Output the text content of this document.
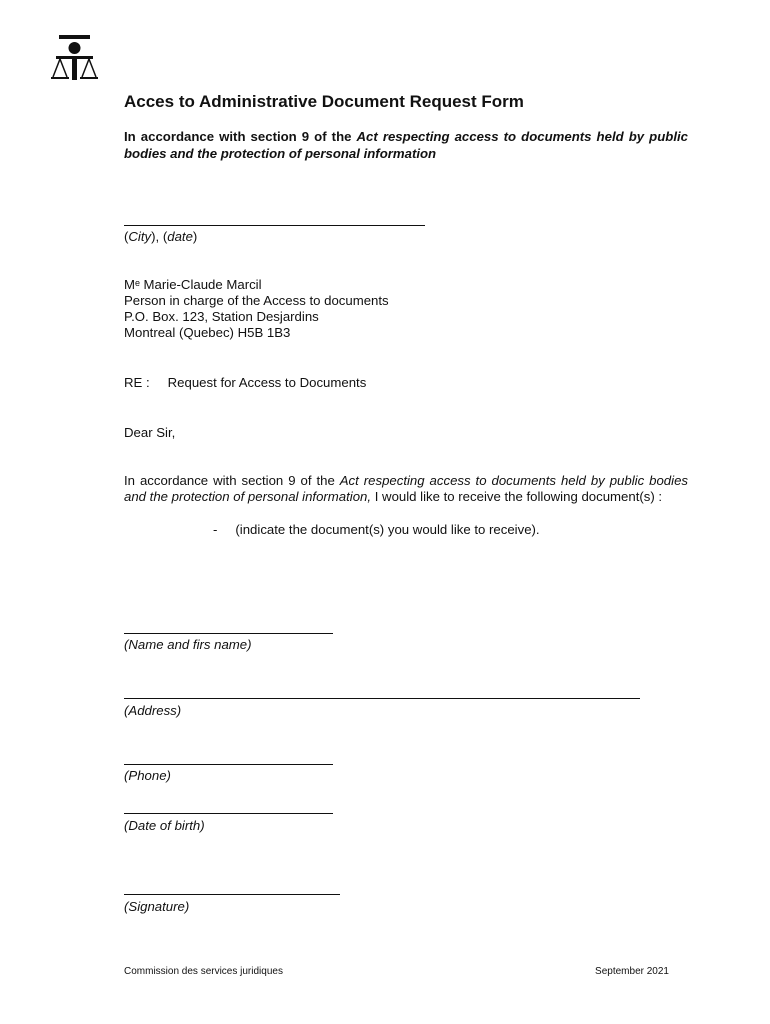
Acces to Administrative Document Request Form

In accordance with section 9 of the Act respecting access to documents held by public bodies and the protection of personal information

(City), (date)
Mᵉ Marie-Claude Marcil
Person in charge of the Access to documents
P.O. Box. 123, Station Desjardins
Montreal (Quebec) H5B 1B3
RE : Request for Access to Documents
Dear Sir,

In accordance with section 9 of the Act respecting access to documents held by public bodies and the protection of personal information, I would like to receive the following document(s) :

- (indicate the document(s) you would like to receive).
(Name and firs name)
(Address)
(Phone)
(Date of birth)
(Signature)
Commission des services juridiques	September 2021
